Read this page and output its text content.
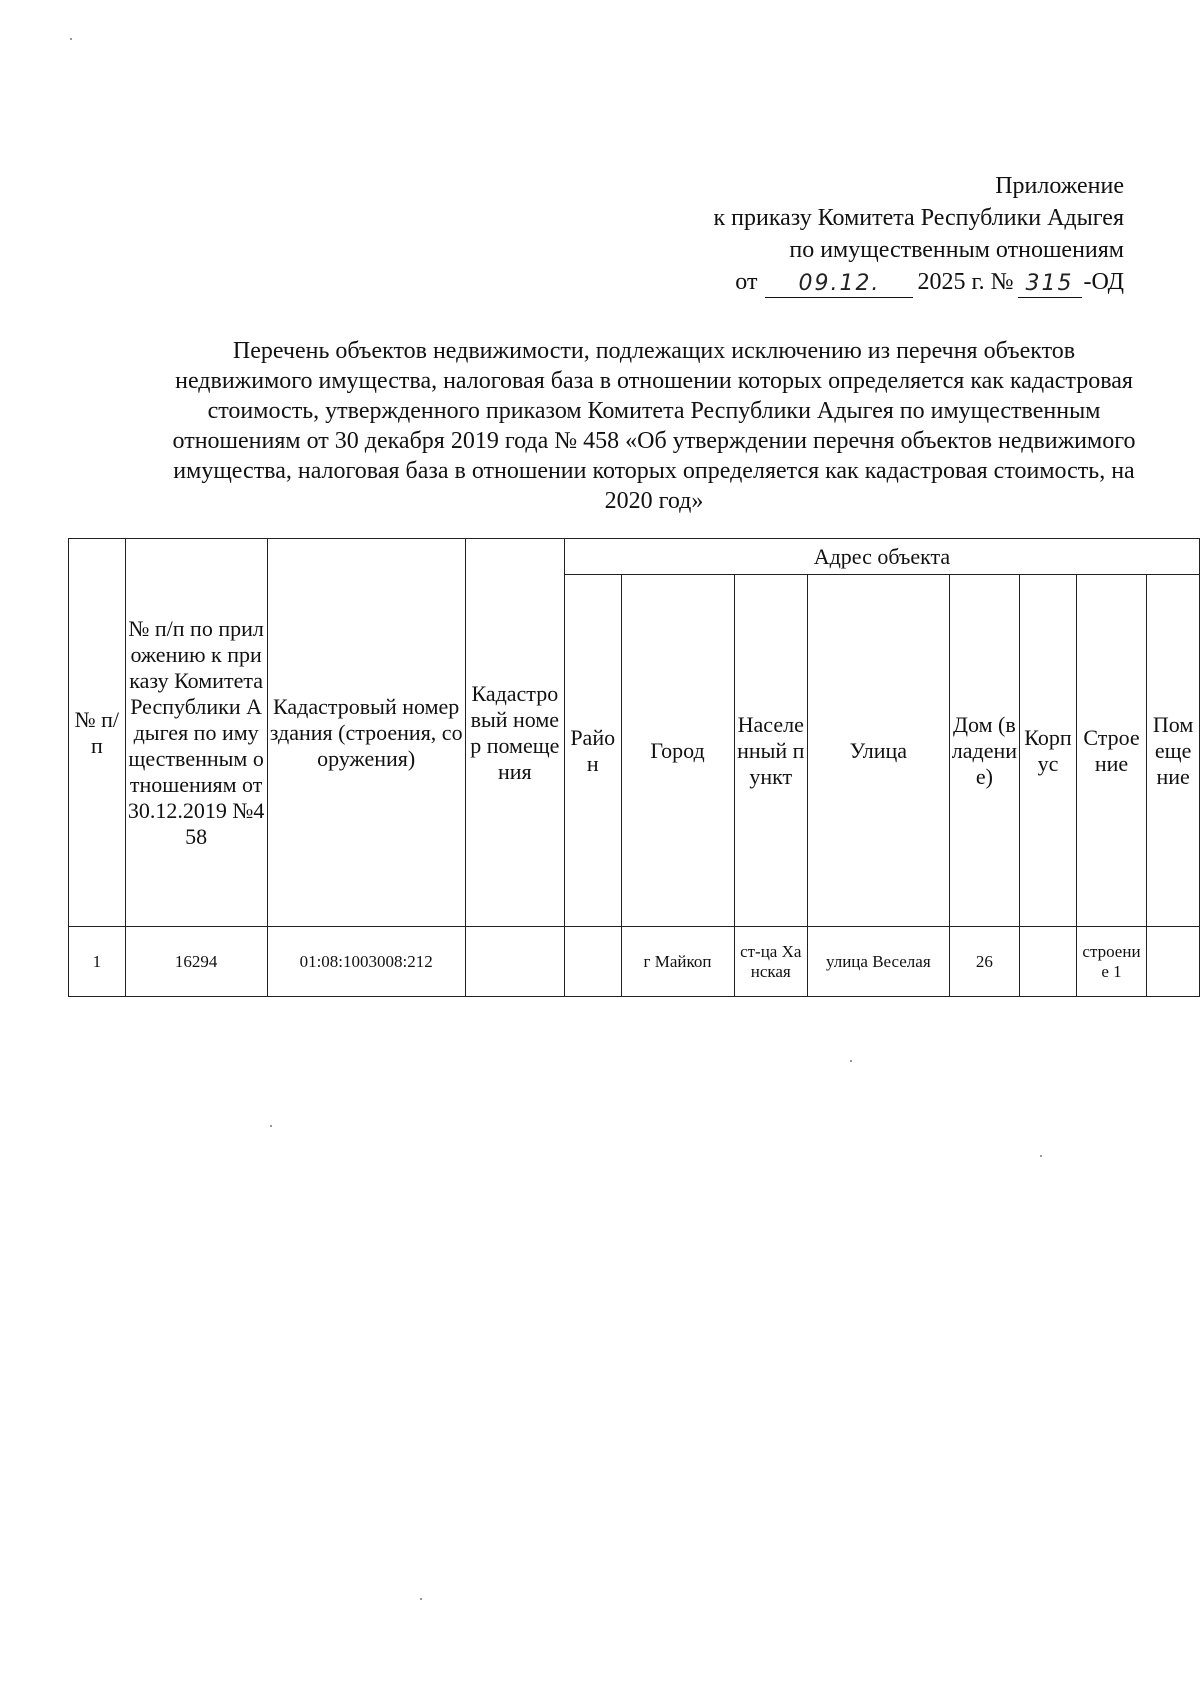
Приложение
к приказу Комитета Республики Адыгея
по имущественным отношениям
от	09.12.	2025 г. № 315 -ОД
Перечень объектов недвижимости, подлежащих исключению из перечня объектов
недвижимого имущества, налоговая база в отношении которых определяется как кадастровая
стоимость, утвержденного приказом Комитета Республики Адыгея по имущественным
отношениям от 30 декабря 2019 года № 458 «Об утверждении перечня объектов недвижимого
имущества, налоговая база в отношении которых определяется как кадастровая стоимость, на
2020 год»
№ п/п	№ п/п по приложению к приказу Комитета Республики Адыгея по имущественным отношениям от 30.12.2019 №458	Кадастровый номер здания (строения, сооружения)	Кадастровый номер помещения	Адрес объекта							
				Район	Город	Населенный пункт	Улица	Дом (владение)	Корпус	Строение	Помещение
1	16294	01:08:1003008:212			г Майкоп	ст-ца Ханская	улица Веселая	26		строение 1	
